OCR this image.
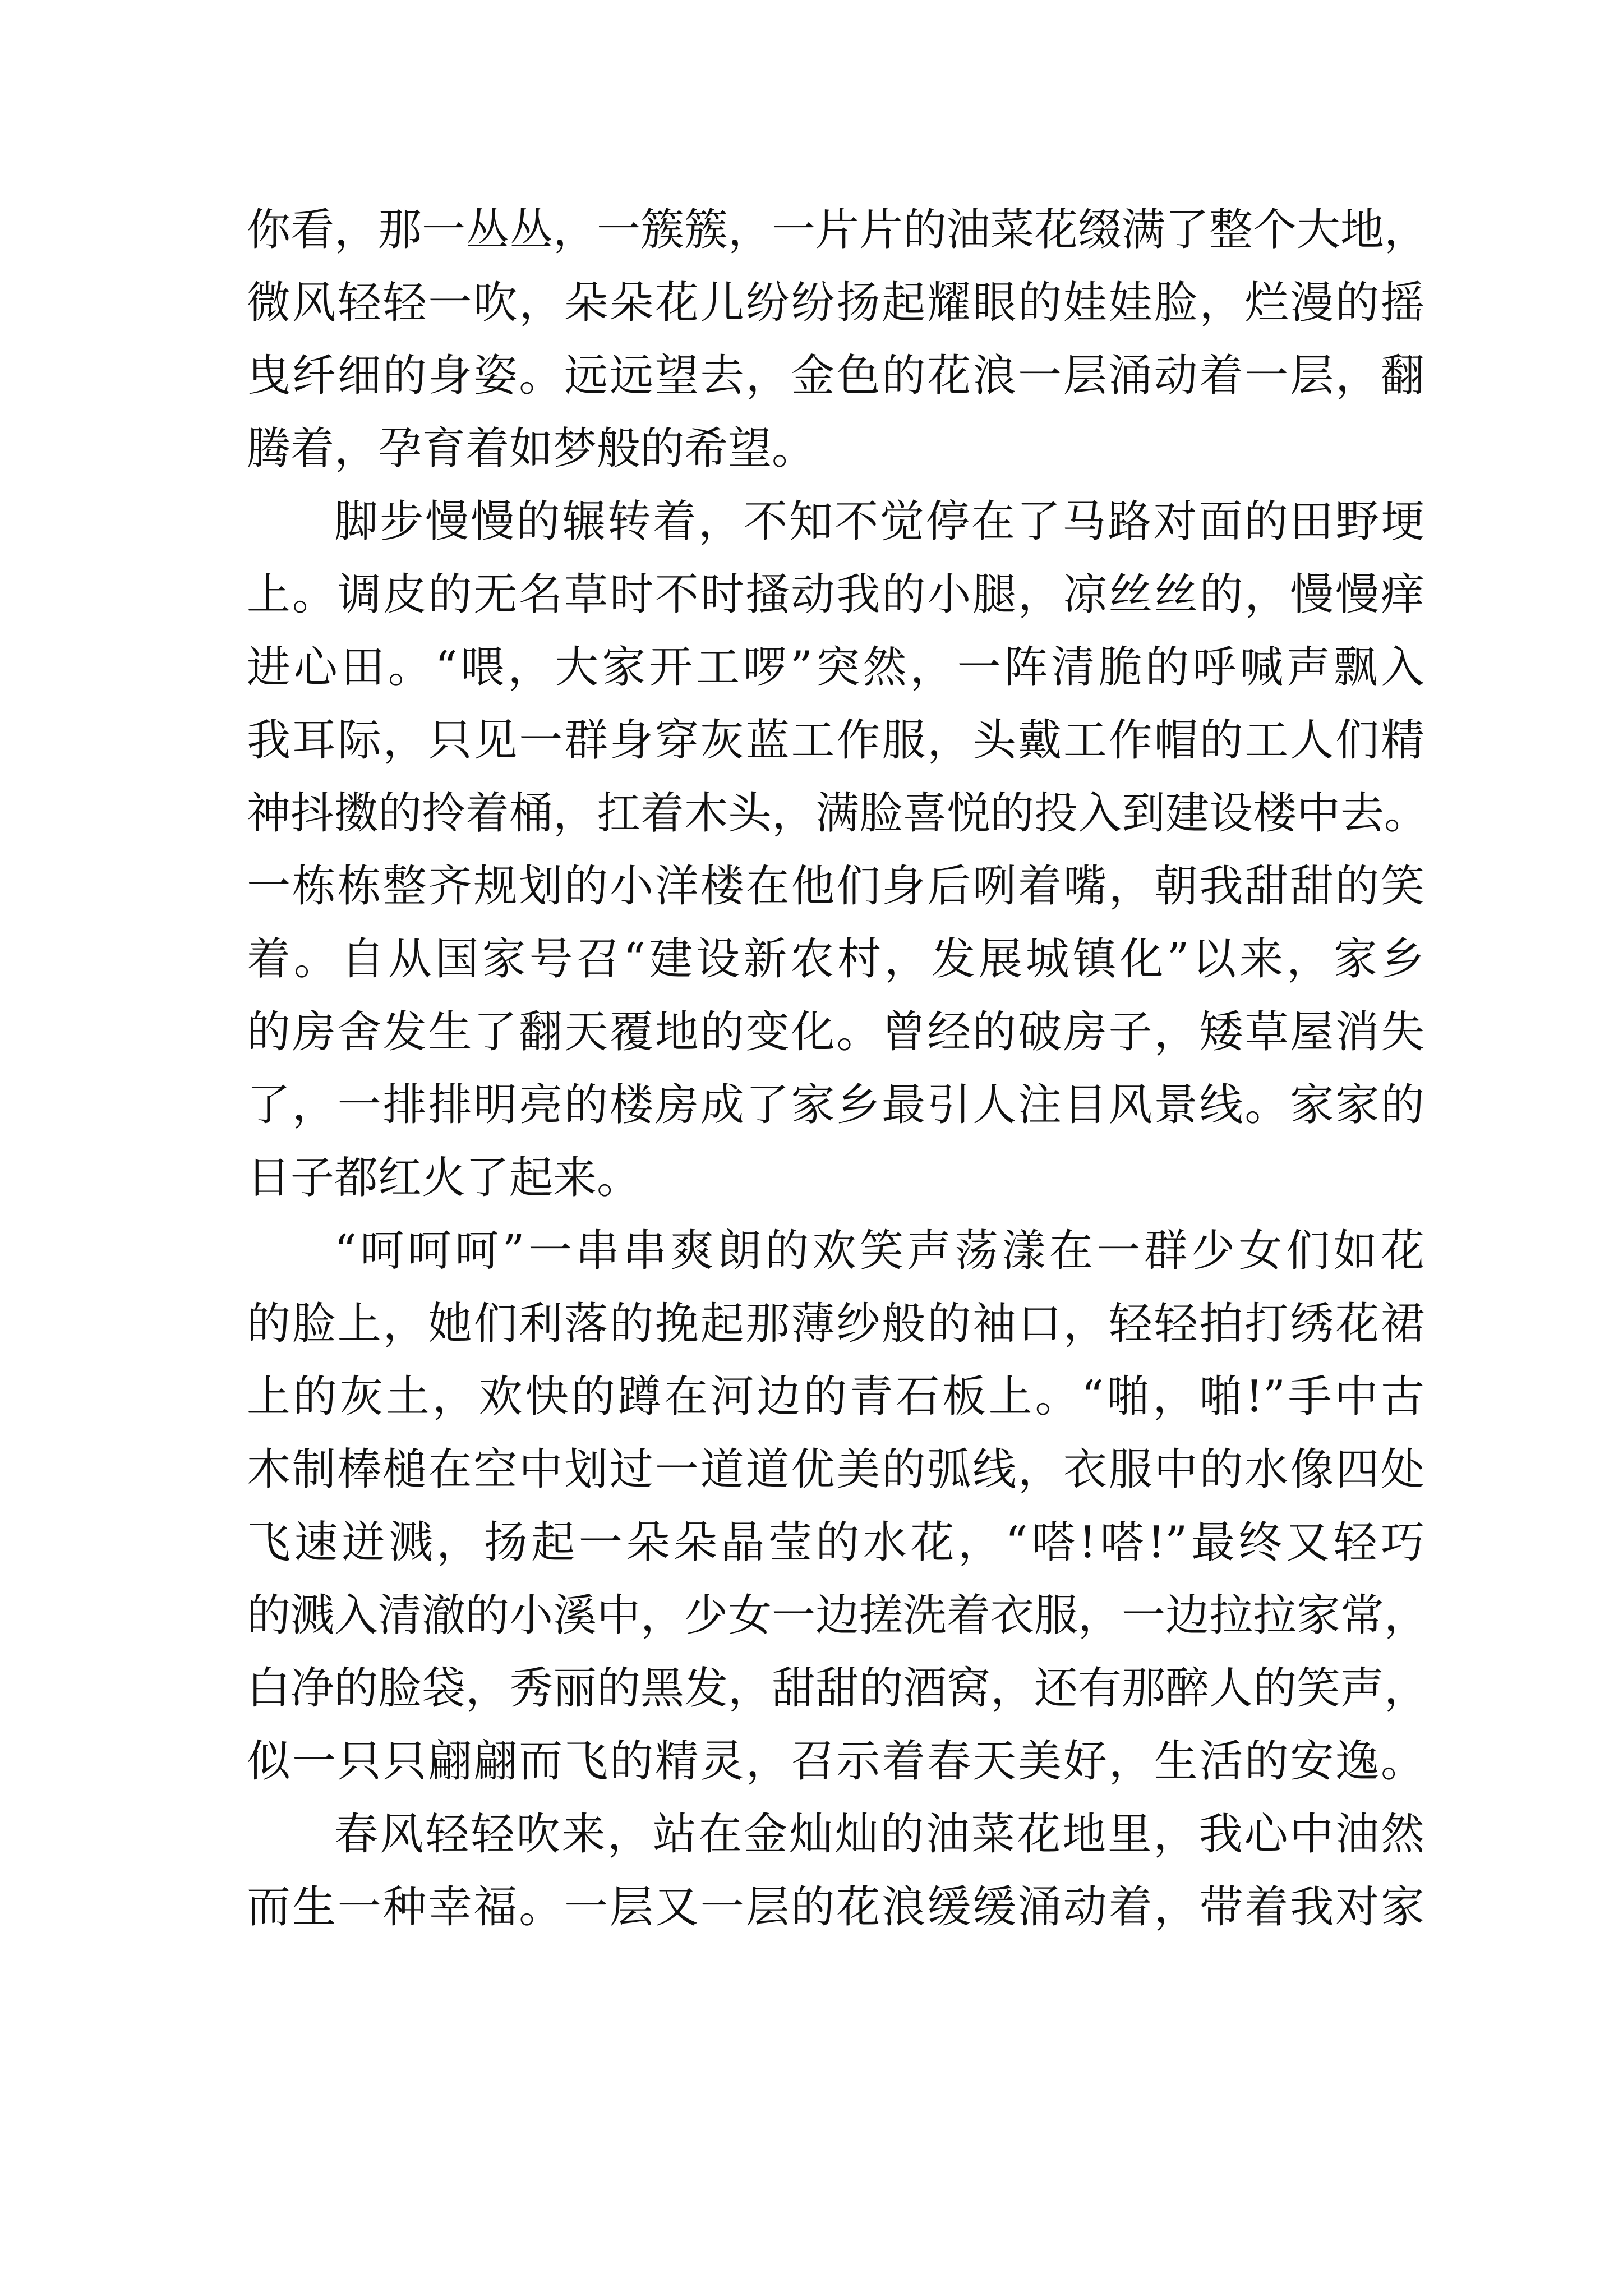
你看，那一丛丛，一簇簇，一片片的油菜花缀满了整个大地，
微风轻轻一吹，朵朵花儿纷纷扬起耀眼的娃娃脸，烂漫的摇
曳纤细的身姿。远远望去，金色的花浪一层涌动着一层，翻
腾着，孕育着如梦般的希望。
脚步慢慢的辗转着，不知不觉停在了马路对面的田野埂
上。调皮的无名草时不时搔动我的小腿，凉丝丝的，慢慢痒
进心田。“喂，大家开工啰”突然，一阵清脆的呼喊声飘入
我耳际，只见一群身穿灰蓝工作服，头戴工作帽的工人们精
神抖擞的拎着桶，扛着木头，满脸喜悦的投入到建设楼中去。
一栋栋整齐规划的小洋楼在他们身后咧着嘴，朝我甜甜的笑
着。自从国家号召“建设新农村，发展城镇化”以来，家乡
的房舍发生了翻天覆地的变化。曾经的破房子，矮草屋消失
了，一排排明亮的楼房成了家乡最引人注目风景线。家家的
日子都红火了起来。
“呵呵呵”一串串爽朗的欢笑声荡漾在一群少女们如花
的脸上，她们利落的挽起那薄纱般的袖口，轻轻拍打绣花裙
上的灰土，欢快的蹲在河边的青石板上。“啪，啪!”手中古
木制棒槌在空中划过一道道优美的弧线，衣服中的水像四处
飞速迸溅，扬起一朵朵晶莹的水花，“嗒!嗒!”最终又轻巧
的溅入清澈的小溪中，少女一边搓洗着衣服，一边拉拉家常，
白净的脸袋，秀丽的黑发，甜甜的酒窝，还有那醉人的笑声，
似一只只翩翩而飞的精灵，召示着春天美好，生活的安逸。
春风轻轻吹来，站在金灿灿的油菜花地里，我心中油然
而生一种幸福。一层又一层的花浪缓缓涌动着，带着我对家
